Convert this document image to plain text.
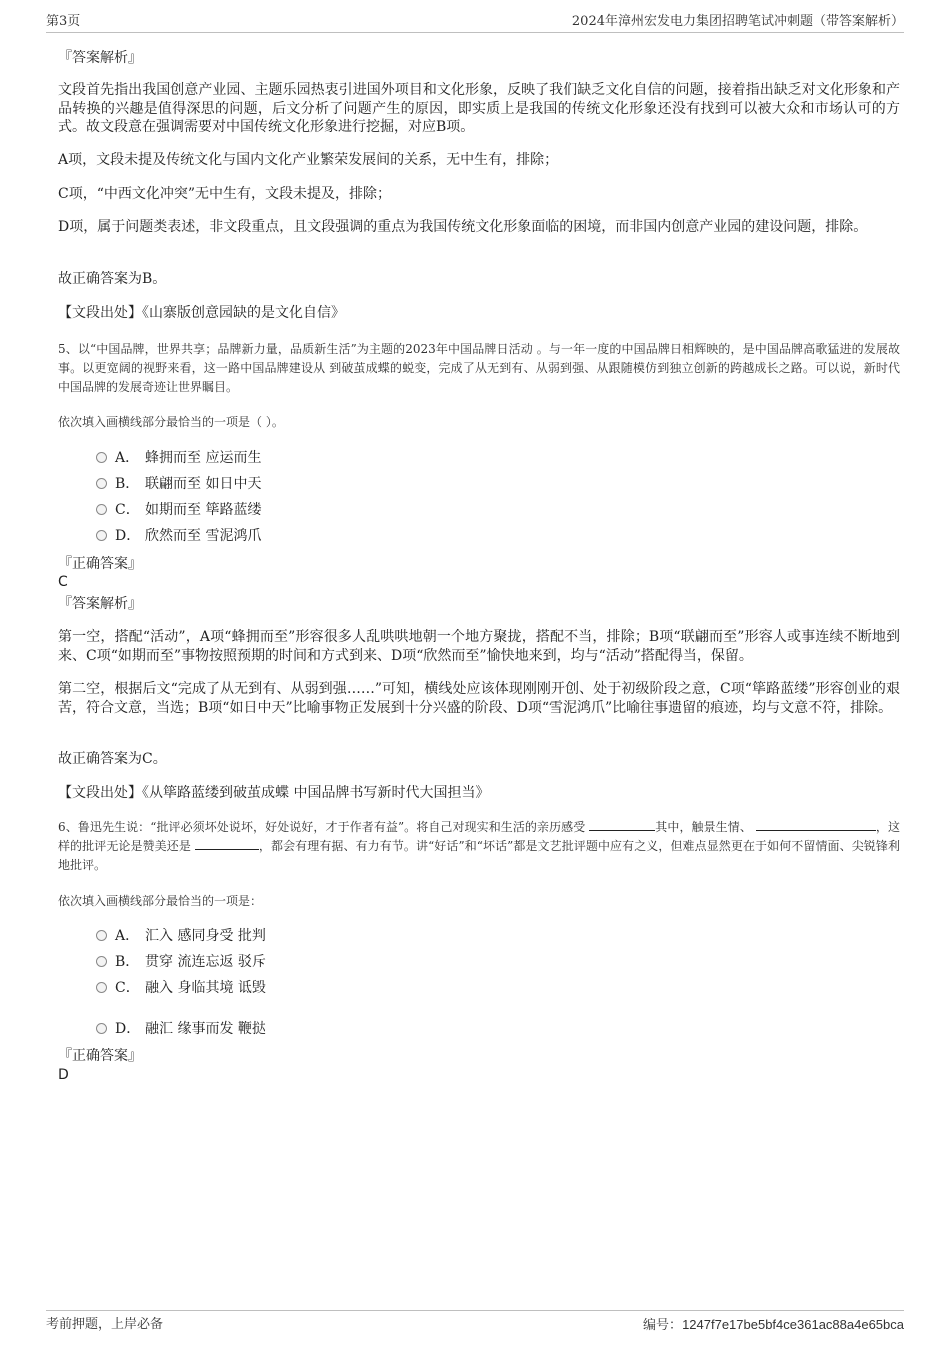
第3页	2024年漳州宏发电力集团招聘笔试冲刺题（带答案解析）
『答案解析』

文段首先指出我国创意产业园、主题乐园热衷引进国外项目和文化形象，反映了我们缺乏文化自信的问题，接着指出缺乏对文化形象和产品转换的兴趣是值得深思的问题，后文分析了问题产生的原因，即实质上是我国的传统文化形象还没有找到可以被大众和市场认可的方式。故文段意在强调需要对中国传统文化形象进行挖掘，对应B项。

A项，文段未提及传统文化与国内文化产业繁荣发展间的关系，无中生有，排除；

C项，“中西文化冲突”无中生有，文段未提及，排除；

D项，属于问题类表述，非文段重点，且文段强调的重点为我国传统文化形象面临的困境，而非国内创意产业园的建设问题，排除。

故正确答案为B。

【文段出处】《山寨版创意园缺的是文化自信》
5、以“中国品牌，世界共享；品牌新力量，品质新生活”为主题的2023年中国品牌日活动 。与一年一度的中国品牌日相辉映的，是中国品牌高歌猛进的发展故事。以更宽阔的视野来看，这一路中国品牌建设从 到破茧成蝶的蜕变，完成了从无到有、从弱到强、从跟随模仿到独立创新的跨越成长之路。可以说，新时代中国品牌的发展奇迹让世界瞩目。
依次填入画横线部分最恰当的一项是（ ）。
A． 蜂拥而至 应运而生
B． 联翩而至 如日中天
C． 如期而至 筚路蓝缕
D． 欣然而至 雪泥鸿爪
『正确答案』
C
『答案解析』

第一空，搭配“活动”，A项“蜂拥而至”形容很多人乱哄哄地朝一个地方聚拢，搭配不当，排除；B项“联翩而至”形容人或事连续不断地到来、C项“如期而至”事物按照预期的时间和方式到来、D项“欣然而至”愉快地来到，均与“活动”搭配得当，保留。

第二空，根据后文“完成了从无到有、从弱到强……”可知，横线处应该体现刚刚开创、处于初级阶段之意，C项“筚路蓝缕”形容创业的艰苦，符合文意，当选；B项“如日中天”比喻事物正发展到十分兴盛的阶段、D项“雪泥鸿爪”比喻往事遗留的痕迹，均与文意不符，排除。

故正确答案为C。

【文段出处】《从筚路蓝缕到破茧成蝶 中国品牌书写新时代大国担当》
6、鲁迅先生说：“批评必须坏处说坏，好处说好，才于作者有益”。将自己对现实和生活的亲历感受	其中，触景生情、	，这样的批评无论是赞美还是	，都会有理有据、有力有节。讲“好话”和“坏话”都是文艺批评题中应有之义，但难点显然更在于如何不留情面、尖锐锋利地批评。
依次填入画横线部分最恰当的一项是：
A． 汇入 感同身受 批判
B． 贯穿 流连忘返 驳斥
C． 融入 身临其境 诋毁
D． 融汇 缘事而发 鞭挞
『正确答案』
D
考前押题，上岸必备	编号：1247f7e17be5bf4ce361ac88a4e65bca
